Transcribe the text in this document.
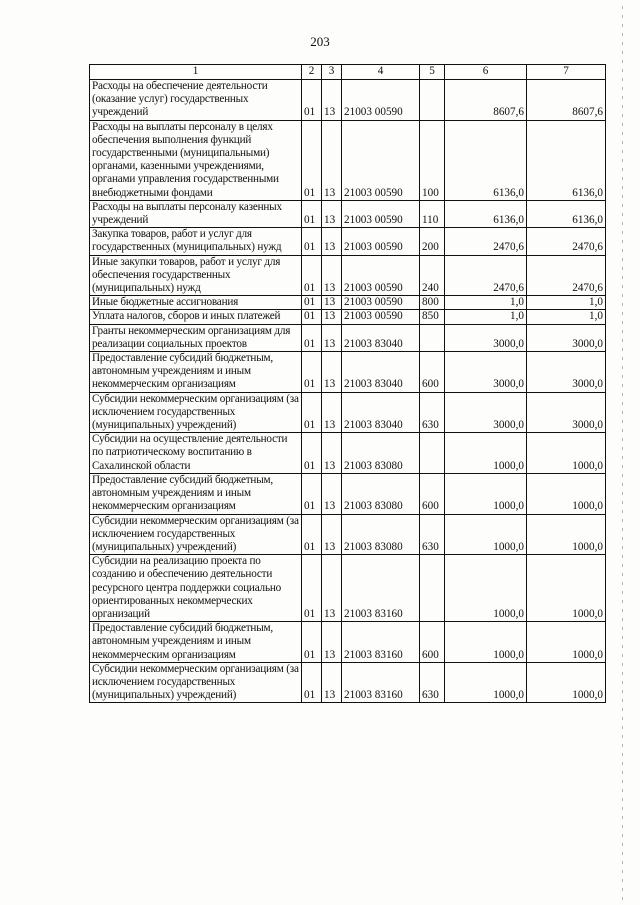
203
1	2	3	4	5	6	7
Расходы на обеспечение деятельности (оказание услуг) государственных учреждений	01	13	21003 00590		8607,6	8607,6
Расходы на выплаты персоналу в целях обеспечения выполнения функций государственными (муниципальными) органами, казенными учреждениями, органами управления государственными внебюджетными фондами	01	13	21003 00590	100	6136,0	6136,0
Расходы на выплаты персоналу казенных учреждений	01	13	21003 00590	110	6136,0	6136,0
Закупка товаров, работ и услуг для государственных (муниципальных) нужд	01	13	21003 00590	200	2470,6	2470,6
Иные закупки товаров, работ и услуг для обеспечения государственных (муниципальных) нужд	01	13	21003 00590	240	2470,6	2470,6
Иные бюджетные ассигнования	01	13	21003 00590	800	1,0	1,0
Уплата налогов, сборов и иных платежей	01	13	21003 00590	850	1,0	1,0
Гранты некоммерческим организациям для реализации социальных проектов	01	13	21003 83040		3000,0	3000,0
Предоставление субсидий бюджетным, автономным учреждениям и иным некоммерческим организациям	01	13	21003 83040	600	3000,0	3000,0
Субсидии некоммерческим организациям (за исключением государственных (муниципальных) учреждений)	01	13	21003 83040	630	3000,0	3000,0
Субсидии на осуществление деятельности по патриотическому воспитанию в Сахалинской области	01	13	21003 83080		1000,0	1000,0
Предоставление субсидий бюджетным, автономным учреждениям и иным некоммерческим организациям	01	13	21003 83080	600	1000,0	1000,0
Субсидии некоммерческим организациям (за исключением государственных (муниципальных) учреждений)	01	13	21003 83080	630	1000,0	1000,0
Субсидии на реализацию проекта по созданию и обеспечению деятельности ресурсного центра поддержки социально ориентированных некоммерческих организаций	01	13	21003 83160		1000,0	1000,0
Предоставление субсидий бюджетным, автономным учреждениям и иным некоммерческим организациям	01	13	21003 83160	600	1000,0	1000,0
Субсидии некоммерческим организациям (за исключением государственных (муниципальных) учреждений)	01	13	21003 83160	630	1000,0	1000,0
